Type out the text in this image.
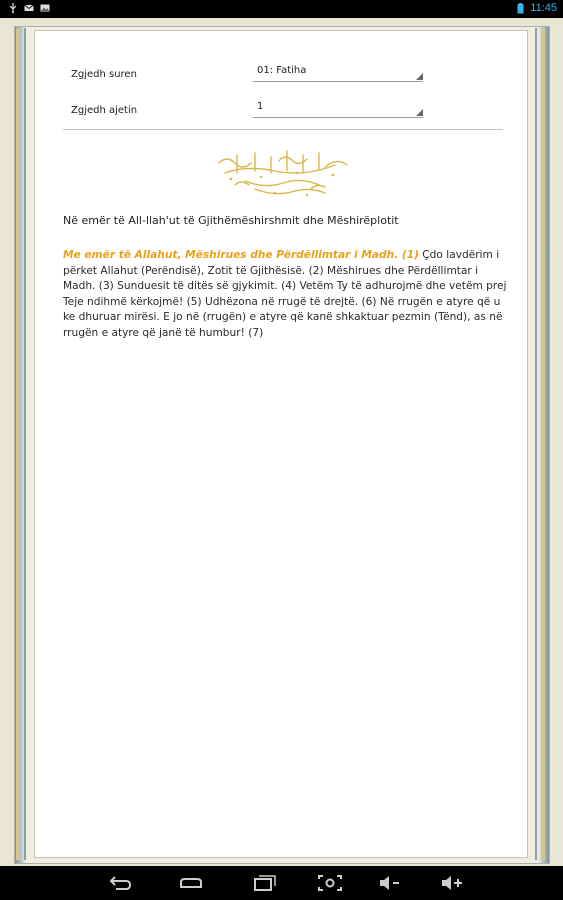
11:45
Zgjedh suren	01: Fatiha
Zgjedh ajetin	1
Në emër të All-llah'ut të Gjithëmëshirshmit dhe Mëshirëplotit
Me emër të Allahut, Mëshirues dhe Përdëllimtar i Madh. (1) Çdo lavdërim i përket Allahut (Perëndisë), Zotit të Gjithësisë. (2) Mëshirues dhe Përdëllimtar i Madh. (3) Sunduesit të ditës së gjykimit. (4) Vetëm Ty të adhurojmë dhe vetëm prej Teje ndihmë kërkojmë! (5) Udhëzona në rrugë të drejtë. (6) Në rrugën e atyre që u ke dhuruar mirësi. E jo në (rrugën) e atyre që kanë shkaktuar pezmin (Tënd), as në rrugën e atyre që janë të humbur! (7)
